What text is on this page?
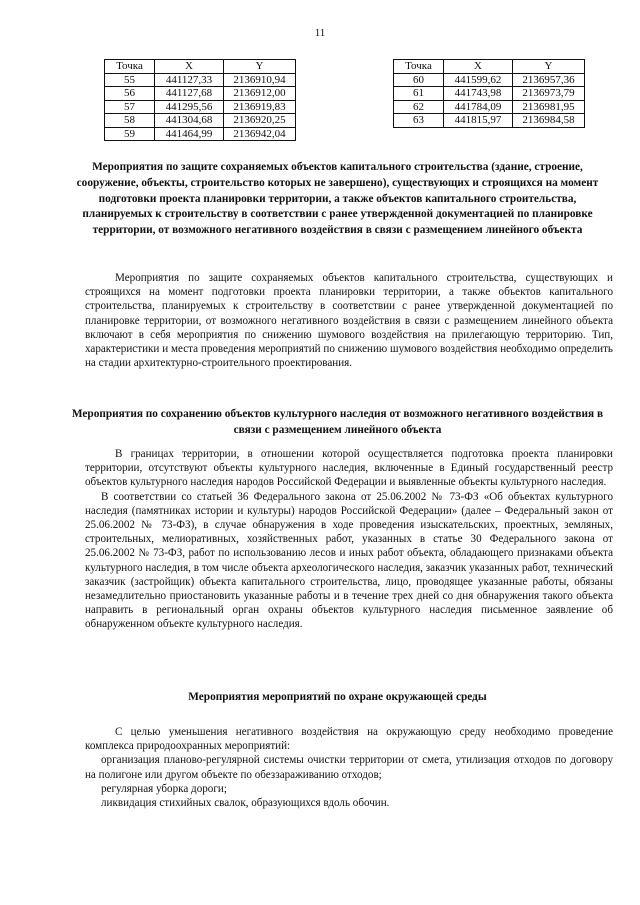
11
Точка	X	Y
55	441127,33	2136910,94
56	441127,68	2136912,00
57	441295,56	2136919,83
58	441304,68	2136920,25
59	441464,99	2136942,04
Точка	X	Y
60	441599,62	2136957,36
61	441743,98	2136973,79
62	441784,09	2136981,95
63	441815,97	2136984,58
Мероприятия по защите сохраняемых объектов капитального строительства (здание, строение, сооружение, объекты, строительство которых не завершено), существующих и строящихся на момент подготовки проекта планировки территории, а также объектов капитального строительства, планируемых к строительству в соответствии с ранее утвержденной документацией по планировке территории, от возможного негативного воздействия в связи с размещением линейного объекта

Мероприятия по защите сохраняемых объектов капитального строительства, существующих и строящихся на момент подготовки проекта планировки территории, а также объектов капитального строительства, планируемых к строительству в соответствии с ранее утвержденной документацией по планировке территории, от возможного негативного воздействия в связи с размещением линейного объекта включают в себя мероприятия по снижению шумового воздействия на прилегающую территорию. Тип, характеристики и места проведения мероприятий по снижению шумового воздействия необходимо определить на стадии архитектурно-строительного проектирования.

Мероприятия по сохранению объектов культурного наследия от возможного негативного воздействия в связи с размещением линейного объекта

В границах территории, в отношении которой осуществляется подготовка проекта планировки территории, отсутствуют объекты культурного наследия, включенные в Единый государственный реестр объектов культурного наследия народов Российской Федерации и выявленные объекты культурного наследия.

В соответствии со статьей 36 Федерального закона от 25.06.2002 № 73-ФЗ «Об объектах культурного наследия (памятниках истории и культуры) народов Российской Федерации» (далее – Федеральный закон от 25.06.2002 № 73-ФЗ), в случае обнаружения в ходе проведения изыскательских, проектных, земляных, строительных, мелиоративных, хозяйственных работ, указанных в статье 30 Федерального закона от 25.06.2002 № 73-ФЗ, работ по использованию лесов и иных работ объекта, обладающего признаками объекта культурного наследия, в том числе объекта археологического наследия, заказчик указанных работ, технический заказчик (застройщик) объекта капитального строительства, лицо, проводящее указанные работы, обязаны незамедлительно приостановить указанные работы и в течение трех дней со дня обнаружения такого объекта направить в региональный орган охраны объектов культурного наследия письменное заявление об обнаруженном объекте культурного наследия.

Мероприятия мероприятий по охране окружающей среды

С целью уменьшения негативного воздействия на окружающую среду необходимо проведение комплекса природоохранных мероприятий:

организация планово-регулярной системы очистки территории от смета, утилизация отходов по договору на полигоне или другом объекте по обеззараживанию отходов;

регулярная уборка дороги;

ликвидация стихийных свалок, образующихся вдоль обочин.
